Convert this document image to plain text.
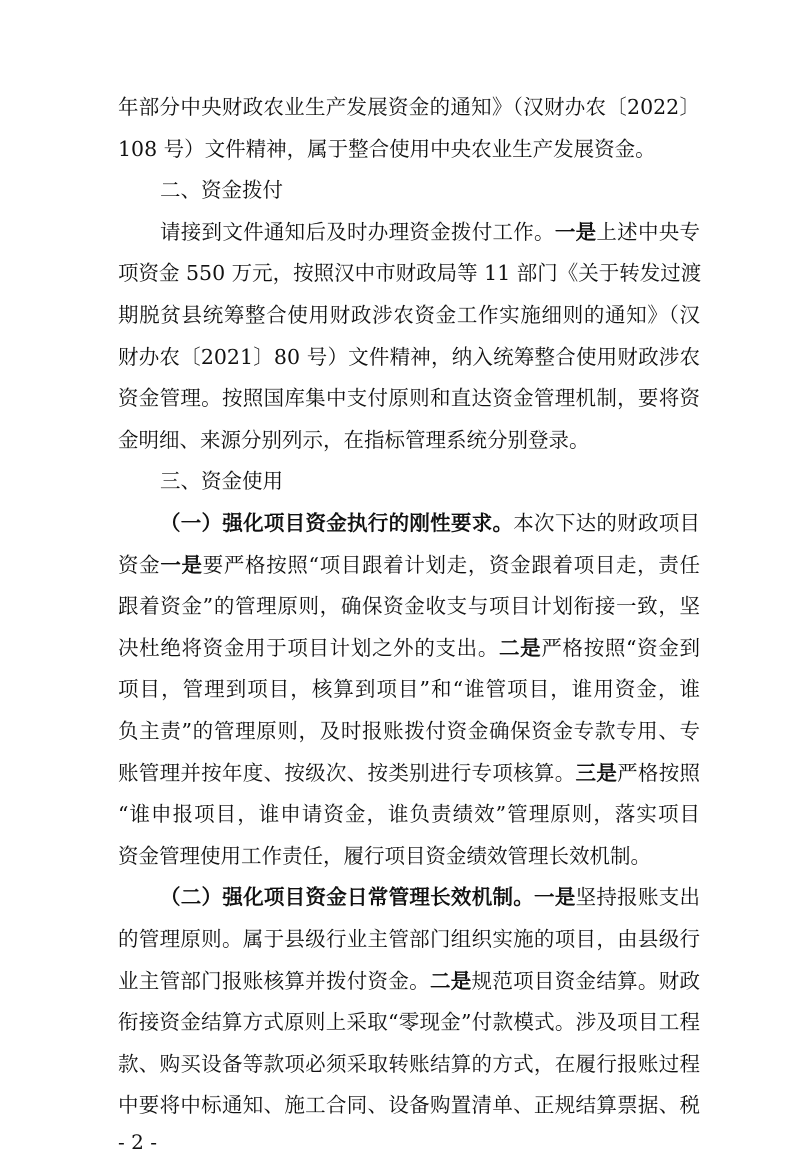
年部分中央财政农业生产发展资金的通知》（汉财办农〔2022〕
108 号）文件精神，属于整合使用中央农业生产发展资金。
二、资金拨付
请接到文件通知后及时办理资金拨付工作。一是上述中央专
项资金 550 万元，按照汉中市财政局等 11 部门《关于转发过渡
期脱贫县统筹整合使用财政涉农资金工作实施细则的通知》（汉
财办农〔2021〕80 号）文件精神，纳入统筹整合使用财政涉农
资金管理。按照国库集中支付原则和直达资金管理机制，要将资
金明细、来源分别列示，在指标管理系统分别登录。
三、资金使用
（一）强化项目资金执行的刚性要求。本次下达的财政项目
资金一是要严格按照“项目跟着计划走，资金跟着项目走，责任
跟着资金”的管理原则，确保资金收支与项目计划衔接一致，坚
决杜绝将资金用于项目计划之外的支出。二是严格按照“资金到
项目，管理到项目，核算到项目”和“谁管项目，谁用资金，谁
负主责”的管理原则，及时报账拨付资金确保资金专款专用、专
账管理并按年度、按级次、按类别进行专项核算。三是严格按照
“谁申报项目，谁申请资金，谁负责绩效”管理原则，落实项目
资金管理使用工作责任，履行项目资金绩效管理长效机制。
（二）强化项目资金日常管理长效机制。一是坚持报账支出
的管理原则。属于县级行业主管部门组织实施的项目，由县级行
业主管部门报账核算并拨付资金。二是规范项目资金结算。财政
衔接资金结算方式原则上采取“零现金”付款模式。涉及项目工程
款、购买设备等款项必须采取转账结算的方式，在履行报账过程
中要将中标通知、施工合同、设备购置清单、正规结算票据、税
- 2 -
